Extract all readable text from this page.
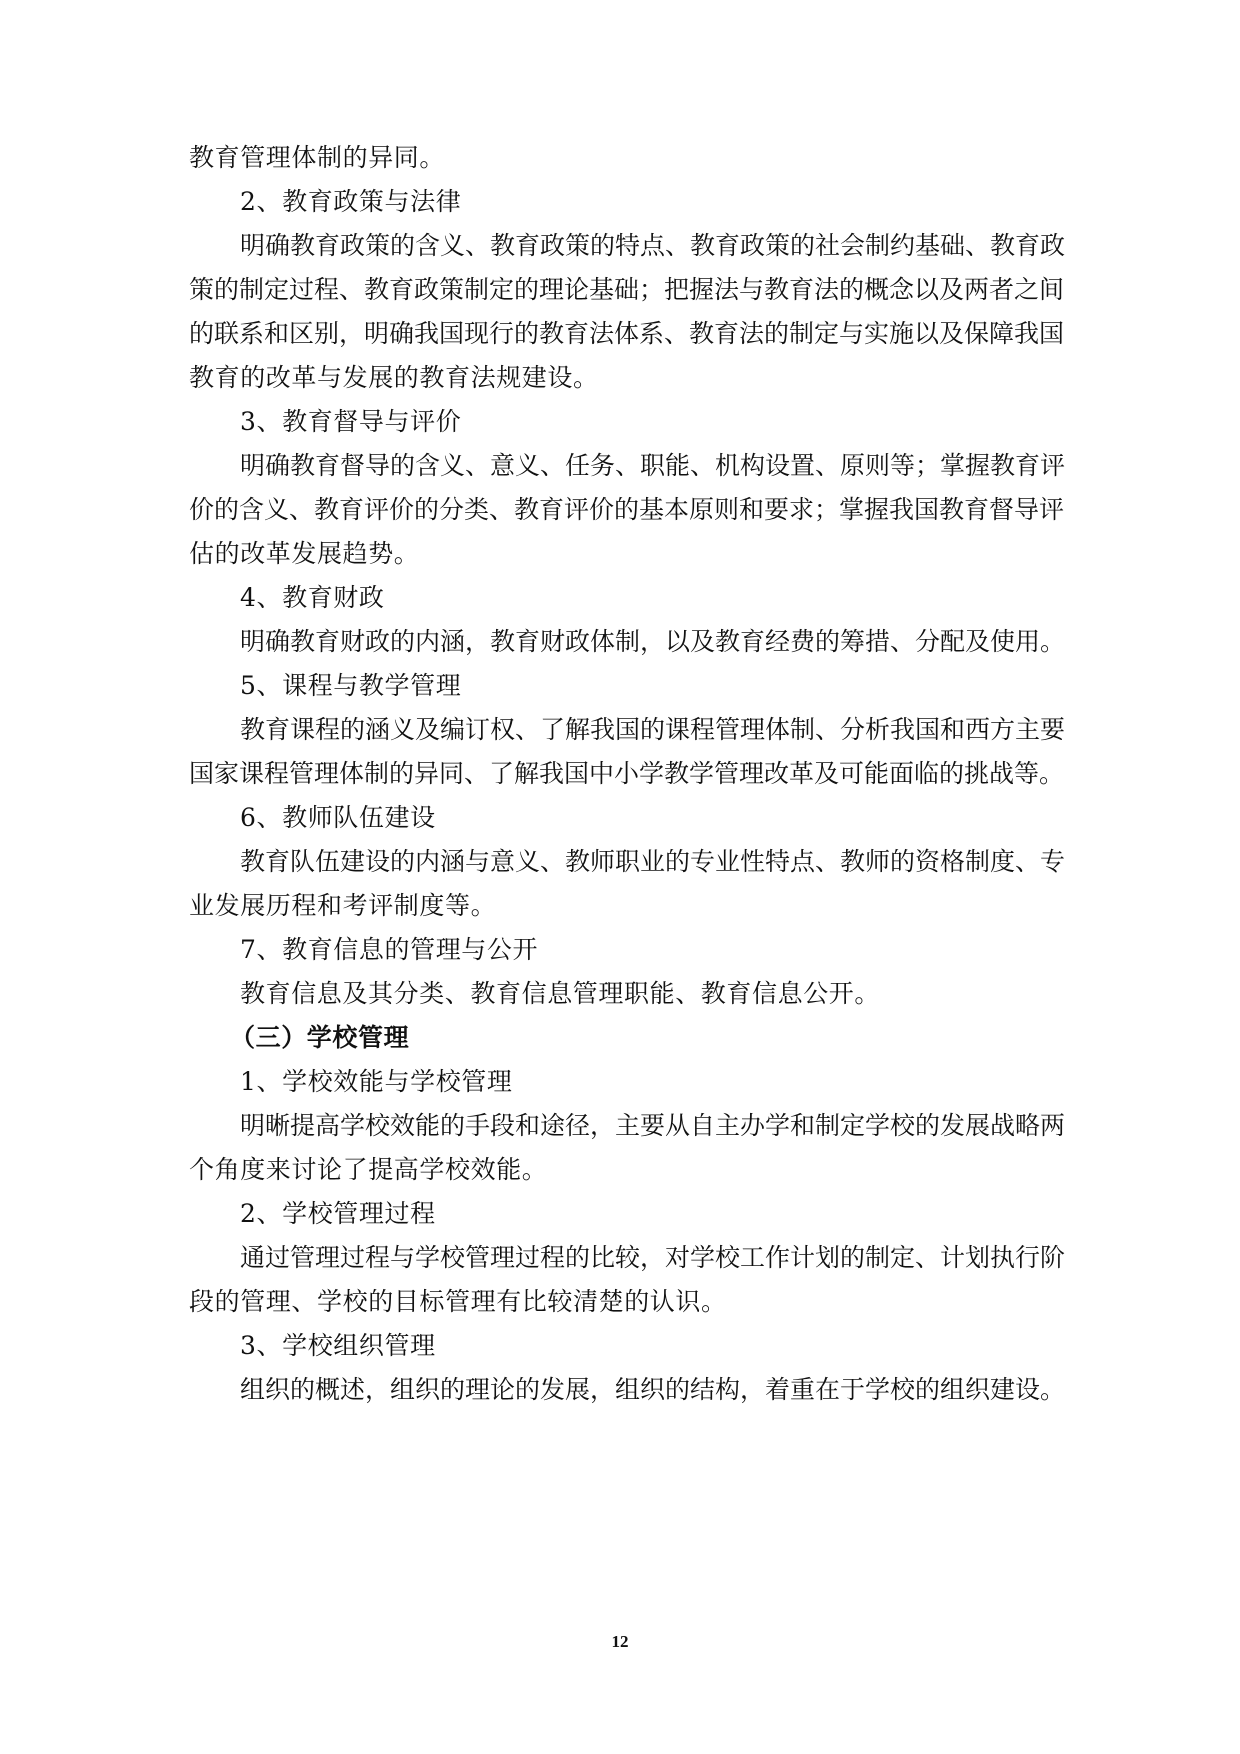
教育管理体制的异同。
2、教育政策与法律
明确教育政策的含义、教育政策的特点、教育政策的社会制约基础、教育政
策的制定过程、教育政策制定的理论基础；把握法与教育法的概念以及两者之间
的联系和区别，明确我国现行的教育法体系、教育法的制定与实施以及保障我国
教育的改革与发展的教育法规建设。
3、教育督导与评价
明确教育督导的含义、意义、任务、职能、机构设置、原则等；掌握教育评
价的含义、教育评价的分类、教育评价的基本原则和要求；掌握我国教育督导评
估的改革发展趋势。
4、教育财政
明确教育财政的内涵，教育财政体制，以及教育经费的筹措、分配及使用。
5、课程与教学管理
教育课程的涵义及编订权、了解我国的课程管理体制、分析我国和西方主要
国家课程管理体制的异同、了解我国中小学教学管理改革及可能面临的挑战等。
6、教师队伍建设
教育队伍建设的内涵与意义、教师职业的专业性特点、教师的资格制度、专
业发展历程和考评制度等。
7、教育信息的管理与公开
教育信息及其分类、教育信息管理职能、教育信息公开。
（三）学校管理
1、学校效能与学校管理
明晰提高学校效能的手段和途径，主要从自主办学和制定学校的发展战略两
个角度来讨论了提高学校效能。
2、学校管理过程
通过管理过程与学校管理过程的比较，对学校工作计划的制定、计划执行阶
段的管理、学校的目标管理有比较清楚的认识。
3、学校组织管理
组织的概述，组织的理论的发展，组织的结构，着重在于学校的组织建设。
12
